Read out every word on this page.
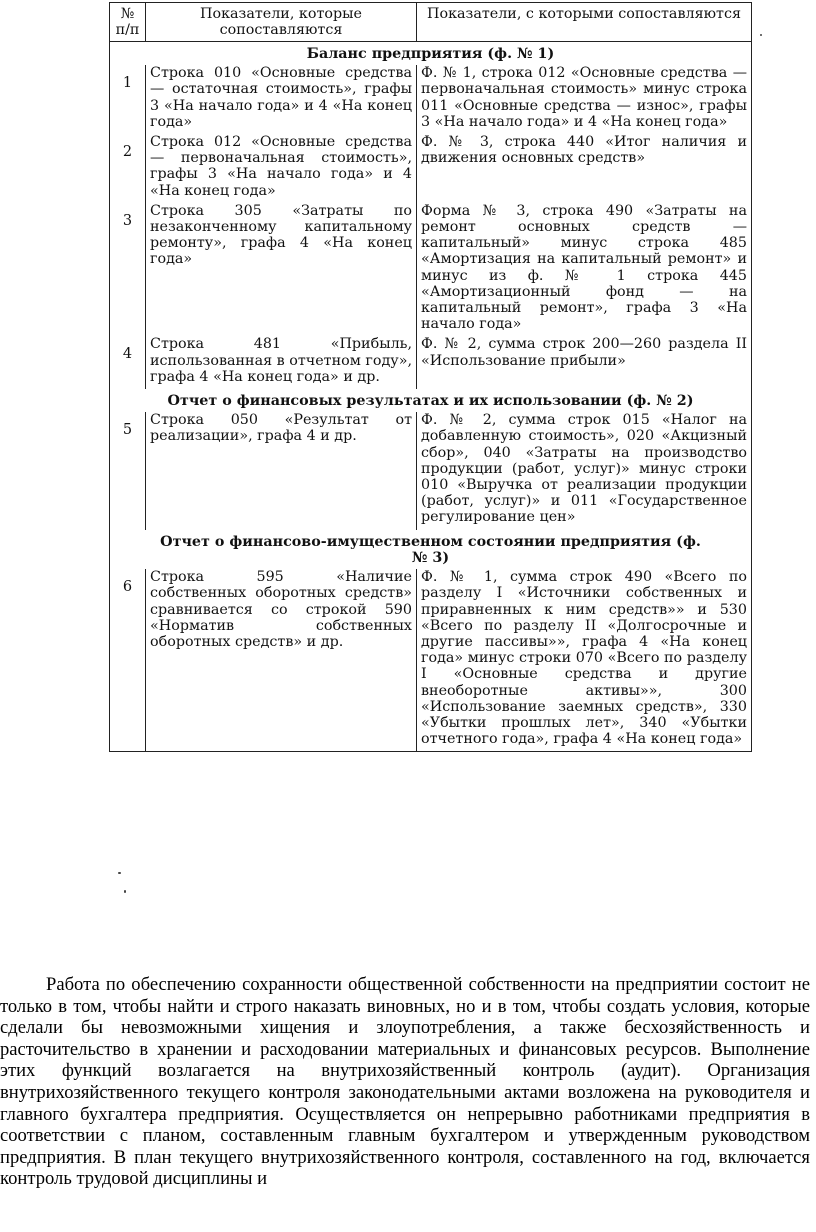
№ п/п	Показатели, которые сопоставляются	Показатели, с которыми сопоставляются
Баланс предприятия (ф. № 1)		
1	Строка 010 «Основные средства — остаточная стоимость», графы 3 «На начало года» и 4 «На конец года»	Ф. № 1, строка 012 «Основные средства — первоначальная стоимость» минус строка 011 «Основные средства — износ», графы 3 «На начало года» и 4 «На конец года»
2	Строка 012 «Основные средства — первоначальная стоимость», графы 3 «На начало года» и 4 «На конец года»	Ф. № 3, строка 440 «Итог наличия и движения основных средств»
3	Строка 305 «Затраты по незаконченному капитальному ремонту», графа 4 «На конец года»	Форма № 3, строка 490 «Затраты на ремонт основных средств — капитальный» минус строка 485 «Амортизация на капитальный ремонт» и минус из ф. № 1 строка 445 «Амортизационный фонд — на капитальный ремонт», графа 3 «На начало года»
4	Строка 481 «Прибыль, использованная в отчетном году», графа 4 «На конец года» и др.	Ф. № 2, сумма строк 200—260 раздела II «Использование прибыли»
Отчет о финансовых результатах и их использовании (ф. № 2)		
5	Строка 050 «Результат от реализации», графа 4 и др.	Ф. № 2, сумма строк 015 «Налог на добавленную стоимость», 020 «Акцизный сбор», 040 «Затраты на производство продукции (работ, услуг)» минус строки 010 «Выручка от реализации продукции (работ, услуг)» и 011 «Государственное регулирование цен»
Отчет о финансово-имущественном состоянии предприятия (ф. № 3)		
6	Строка 595 «Наличие собственных оборотных средств» сравнивается со строкой 590 «Норматив собственных оборотных средств» и др.	Ф. № 1, сумма строк 490 «Всего по разделу I «Источники собственных и приравненных к ним средств»» и 530 «Всего по разделу II «Долгосрочные и другие пассивы»», графа 4 «На конец года» минус строки 070 «Всего по разделу I «Основные средства и другие внеоборотные активы»», 300 «Использование заемных средств», 330 «Убытки прошлых лет», 340 «Убытки отчетного года», графа 4 «На конец года»

Работа по обеспечению сохранности общественной собственности на предприятии состоит не только в том, чтобы найти и строго наказать виновных, но и в том, чтобы создать условия, которые сделали бы невозможными хищения и злоупотребления, а также бесхозяйственность и расточительство в хранении и расходовании материальных и финансовых ресурсов. Выполнение этих функций возлагается на внутрихозяйственный контроль (аудит). Организация внутрихозяйственного текущего контроля законодательными актами возложена на руководителя и главного бухгалтера предприятия. Осуществляется он непрерывно работниками предприятия в соответствии с планом, составленным главным бухгалтером и утвержденным руководством предприятия. В план текущего внутрихозяйственного контроля, составленного на год, включается контроль трудовой дисциплины и
